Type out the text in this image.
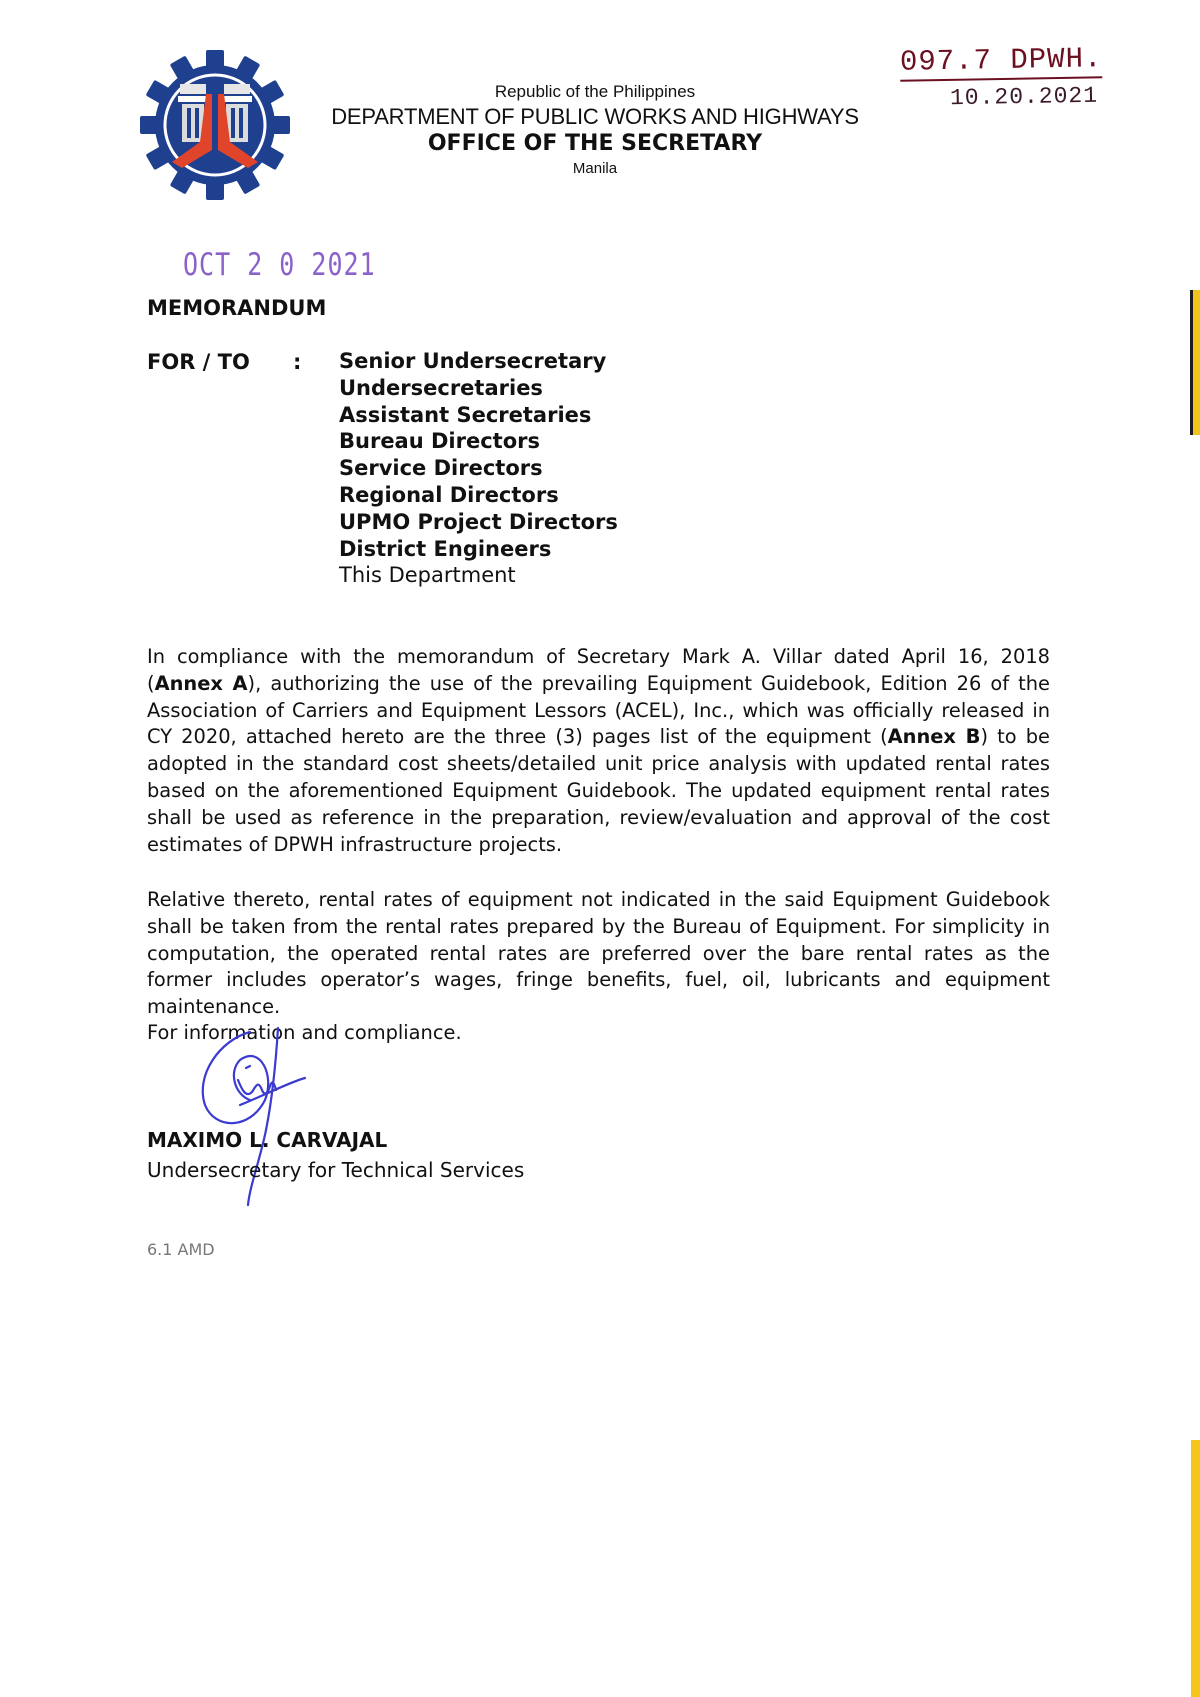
Republic of the Philippines
DEPARTMENT OF PUBLIC WORKS AND HIGHWAYS
OFFICE OF THE SECRETARY
Manila
097.7 DPWH.
10.20.2021
OCT 2 0 2021
MEMORANDUM
FOR / TO : Senior Undersecretary
Undersecretaries
Assistant Secretaries
Bureau Directors
Service Directors
Regional Directors
UPMO Project Directors
District Engineers
This Department
In compliance with the memorandum of Secretary Mark A. Villar dated April 16, 2018 (Annex A), authorizing the use of the prevailing Equipment Guidebook, Edition 26 of the Association of Carriers and Equipment Lessors (ACEL), Inc., which was officially released in CY 2020, attached hereto are the three (3) pages list of the equipment (Annex B) to be adopted in the standard cost sheets/detailed unit price analysis with updated rental rates based on the aforementioned Equipment Guidebook. The updated equipment rental rates shall be used as reference in the preparation, review/evaluation and approval of the cost estimates of DPWH infrastructure projects.
Relative thereto, rental rates of equipment not indicated in the said Equipment Guidebook shall be taken from the rental rates prepared by the Bureau of Equipment. For simplicity in computation, the operated rental rates are preferred over the bare rental rates as the former includes operator’s wages, fringe benefits, fuel, oil, lubricants and equipment maintenance.
For information and compliance.
MAXIMO L. CARVAJAL
Undersecretary for Technical Services
6.1 AMD
